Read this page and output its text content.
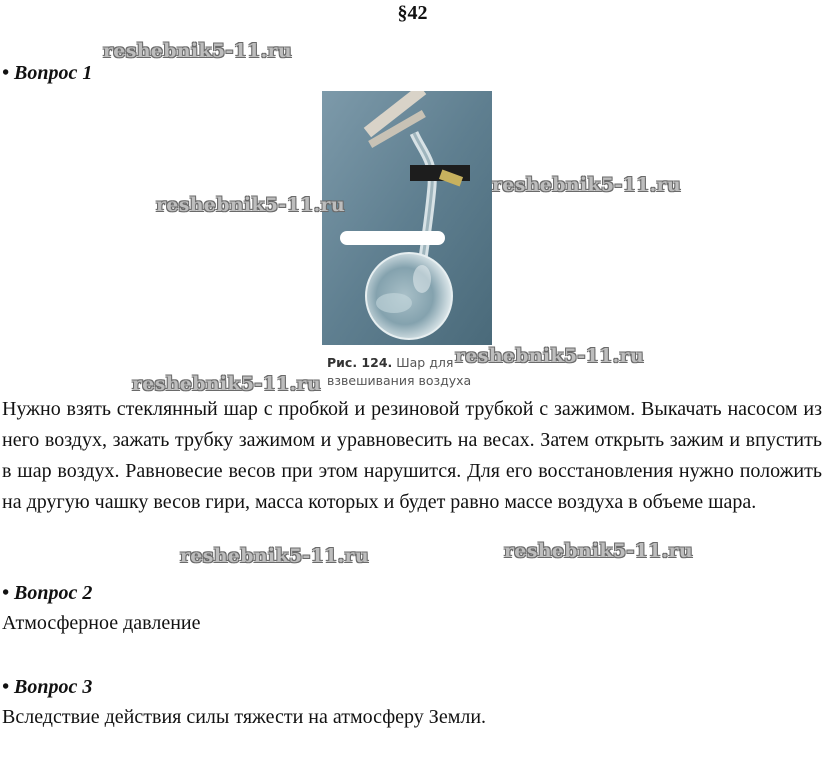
§42
• Вопрос 1
Рис. 124. Шар для
взвешивания воздуха
Нужно взять стеклянный шар с пробкой и резиновой трубкой с зажимом. Выкачать насосом из него воздух, зажать трубку зажимом и уравновесить на весах. Затем открыть зажим и впустить в шар воздух. Равновесие весов при этом нарушится. Для его восстановления нужно положить на другую чашку весов гири, масса которых и будет равно массе воздуха в объеме шара.
• Вопрос 2
Атмосферное давление
• Вопрос 3
Вследствие действия силы тяжести на атмосферу Земли.
reshebnik5-11.ru
reshebnik5-11.ru
reshebnik5-11.ru
reshebnik5-11.ru
reshebnik5-11.ru
reshebnik5-11.ru	reshebnik5-11.ru
